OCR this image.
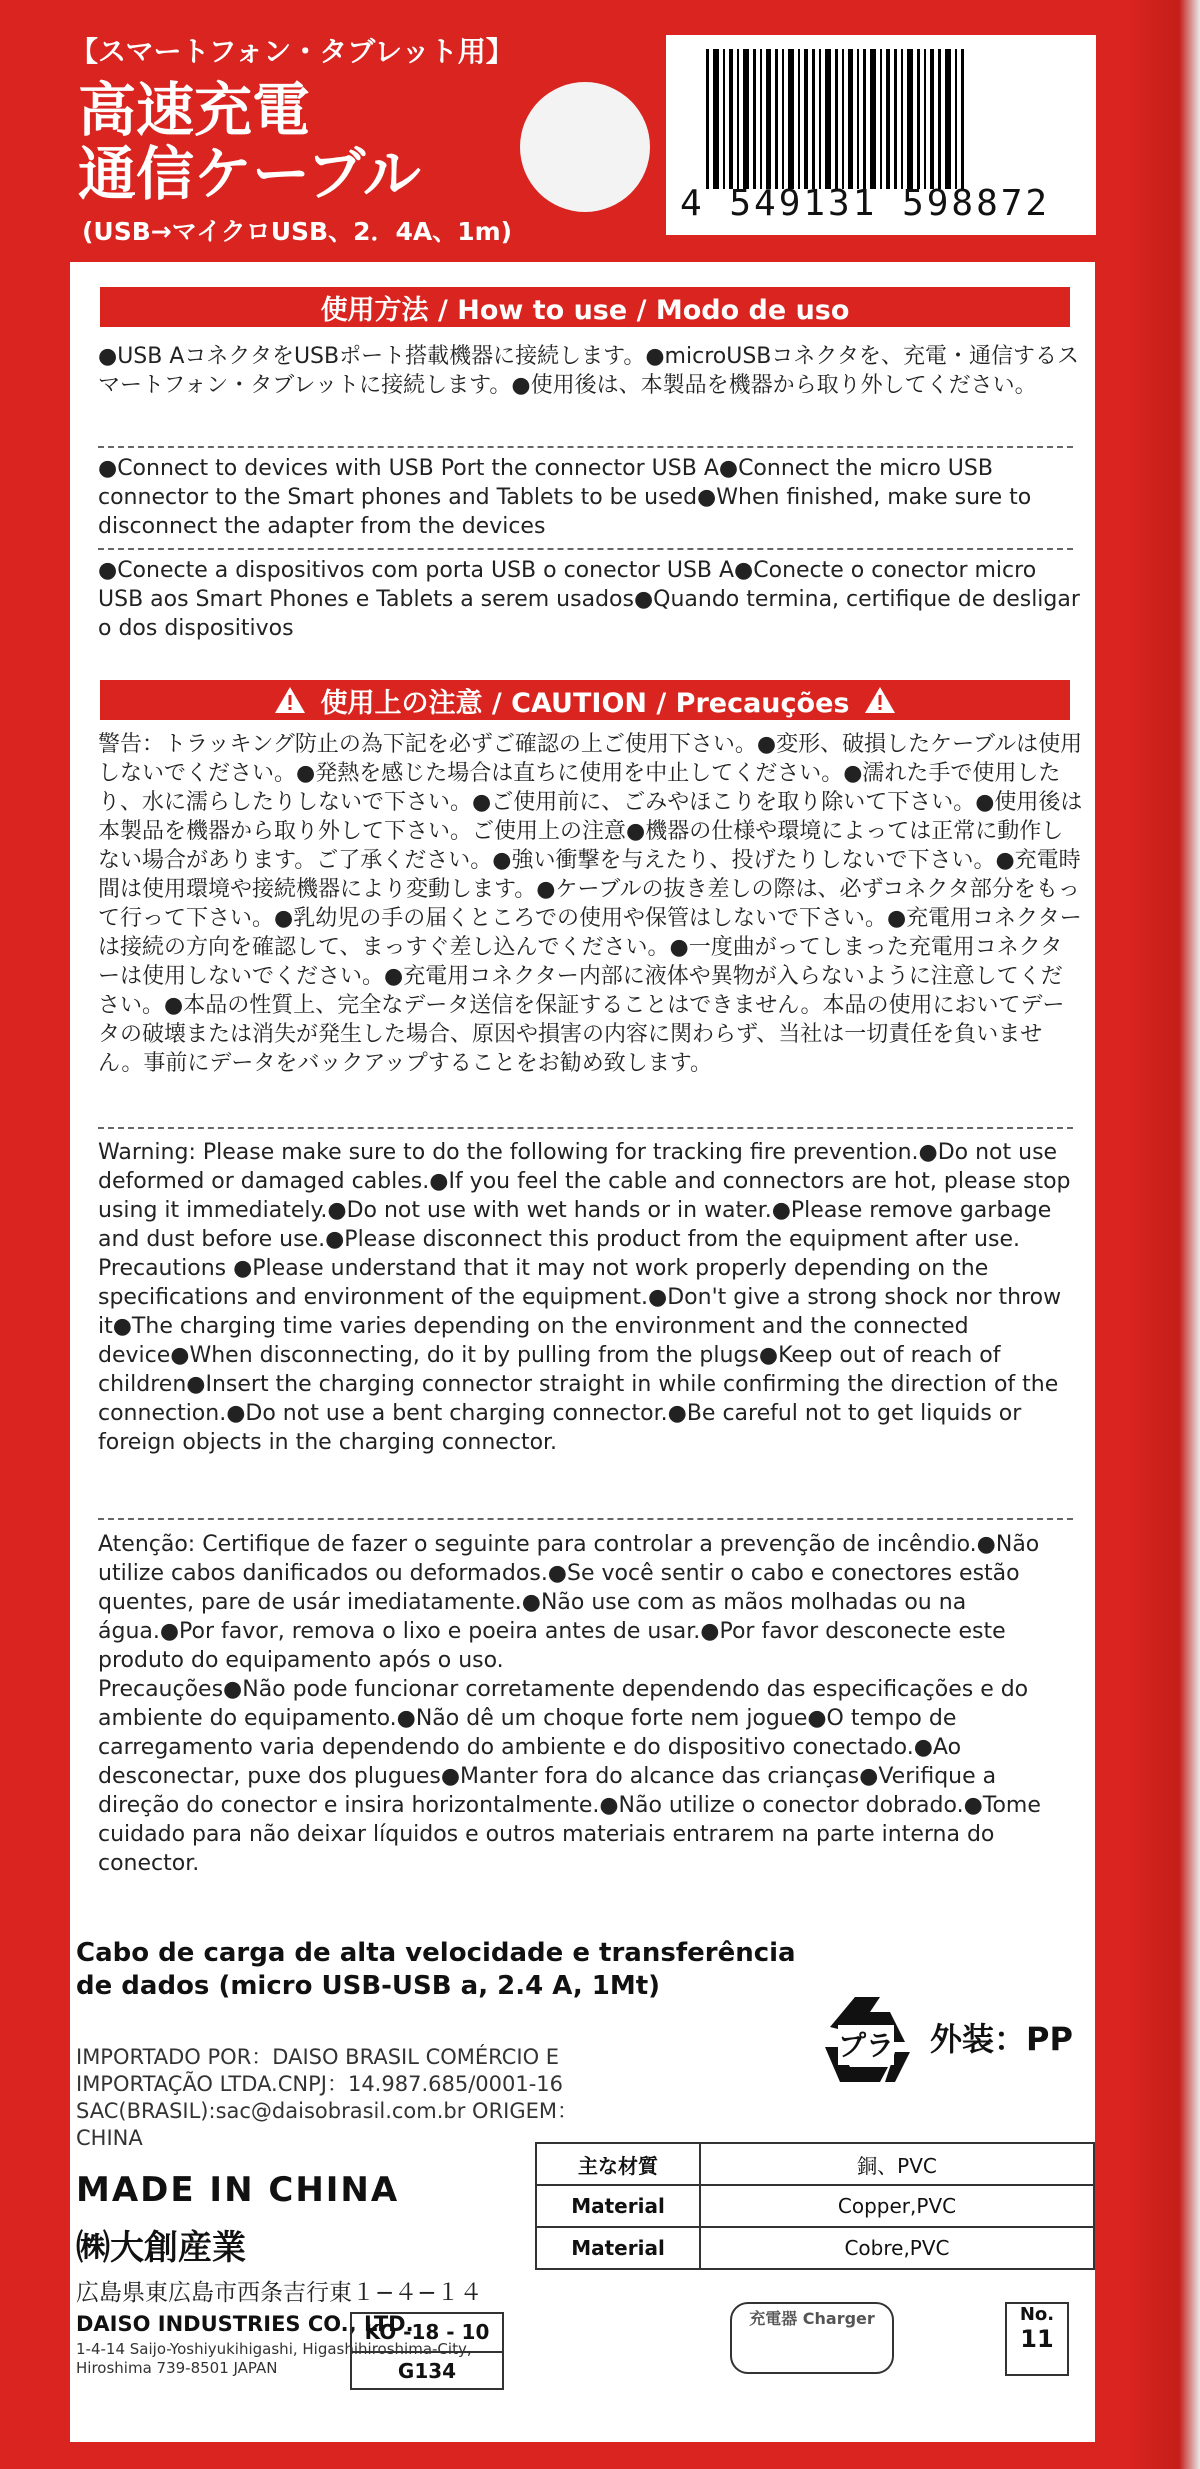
【スマートフォン・タブレット用】
高速充電
通信ケーブル
(USB→マイクロUSB、2．4A、1m)
4 549131 598872
使用方法 / How to use / Modo de uso
●USB AコネクタをUSBポート搭載機器に接続します。●microUSBコネクタを、充電・通信するスマートフォン・タブレットに接続します。●使用後は、本製品を機器から取り外してください。
●Connect to devices with USB Port the connector USB A●Connect the micro USB connector to the Smart phones and Tablets to be used●When finished, make sure to disconnect the adapter from the devices
●Conecte a dispositivos com porta USB o conector USB A●Conecte o conector micro USB aos Smart Phones e Tablets a serem usados●Quando termina, certifique de desligar o dos dispositivos
使用上の注意 / CAUTION / Precauções
警告：トラッキング防止の為下記を必ずご確認の上ご使用下さい。●変形、破損したケーブルは使用しないでください。●発熱を感じた場合は直ちに使用を中止してください。●濡れた手で使用したり、水に濡らしたりしないで下さい。●ご使用前に、ごみやほこりを取り除いて下さい。●使用後は本製品を機器から取り外して下さい。ご使用上の注意●機器の仕様や環境によっては正常に動作しない場合があります。ご了承ください。●強い衝撃を与えたり、投げたりしないで下さい。●充電時間は使用環境や接続機器により変動します。●ケーブルの抜き差しの際は、必ずコネクタ部分をもって行って下さい。●乳幼児の手の届くところでの使用や保管はしないで下さい。●充電用コネクターは接続の方向を確認して、まっすぐ差し込んでください。●一度曲がってしまった充電用コネクターは使用しないでください。●充電用コネクター内部に液体や異物が入らないように注意してください。●本品の性質上、完全なデータ送信を保証することはできません。本品の使用においてデータの破壊または消失が発生した場合、原因や損害の内容に関わらず、当社は一切責任を負いません。事前にデータをバックアップすることをお勧め致します。
Warning: Please make sure to do the following for tracking fire prevention.●Do not use deformed or damaged cables.●If you feel the cable and connectors are hot, please stop using it immediately.●Do not use with wet hands or in water.●Please remove garbage and dust before use.●Please disconnect this product from the equipment after use.
Precautions ●Please understand that it may not work properly depending on the specifications and environment of the equipment.●Don't give a strong shock nor throw it●The charging time varies depending on the environment and the connected device●When disconnecting, do it by pulling from the plugs●Keep out of reach of children●Insert the charging connector straight in while confirming the direction of the connection.●Do not use a bent charging connector.●Be careful not to get liquids or foreign objects in the charging connector.
Atenção: Certifique de fazer o seguinte para controlar a prevenção de incêndio.●Não utilize cabos danificados ou deformados.●Se você sentir o cabo e conectores estão quentes, pare de usár imediatamente.●Não use com as mãos molhadas ou na água.●Por favor, remova o lixo e poeira antes de usar.●Por favor desconecte este produto do equipamento após o uso.
Precauções●Não pode funcionar corretamente dependendo das especificações e do ambiente do equipamento.●Não dê um choque forte nem jogue●O tempo de carregamento varia dependendo do ambiente e do dispositivo conectado.●Ao desconectar, puxe dos plugues●Manter fora do alcance das crianças●Verifique a direção do conector e insira horizontalmente.●Não utilize o conector dobrado.●Tome cuidado para não deixar líquidos e outros materiais entrarem na parte interna do conector.
Cabo de carga de alta velocidade e transferência de dados (micro USB-USB a, 2.4 A, 1Mt)
IMPORTADO POR：DAISO BRASIL COMÉRCIO E IMPORTAÇÃO LTDA.CNPJ：14.987.685/0001-16 SAC(BRASIL):sac@daisobrasil.com.br ORIGEM：CHINA
プラ 外装：PP
主な材質	銅、PVC
Material	Copper,PVC
Material	Cobre,PVC
MADE IN CHINA
㈱大創産業
広島県東広島市西条吉行東１−４−１４
DAISO INDUSTRIES CO., LTD.
1-4-14 Saijo-Yoshiyukihigashi, Higashihiroshima-City, Hiroshima 739-8501 JAPAN
KO -18 - 10
G134
充電器 Charger	No.
11
